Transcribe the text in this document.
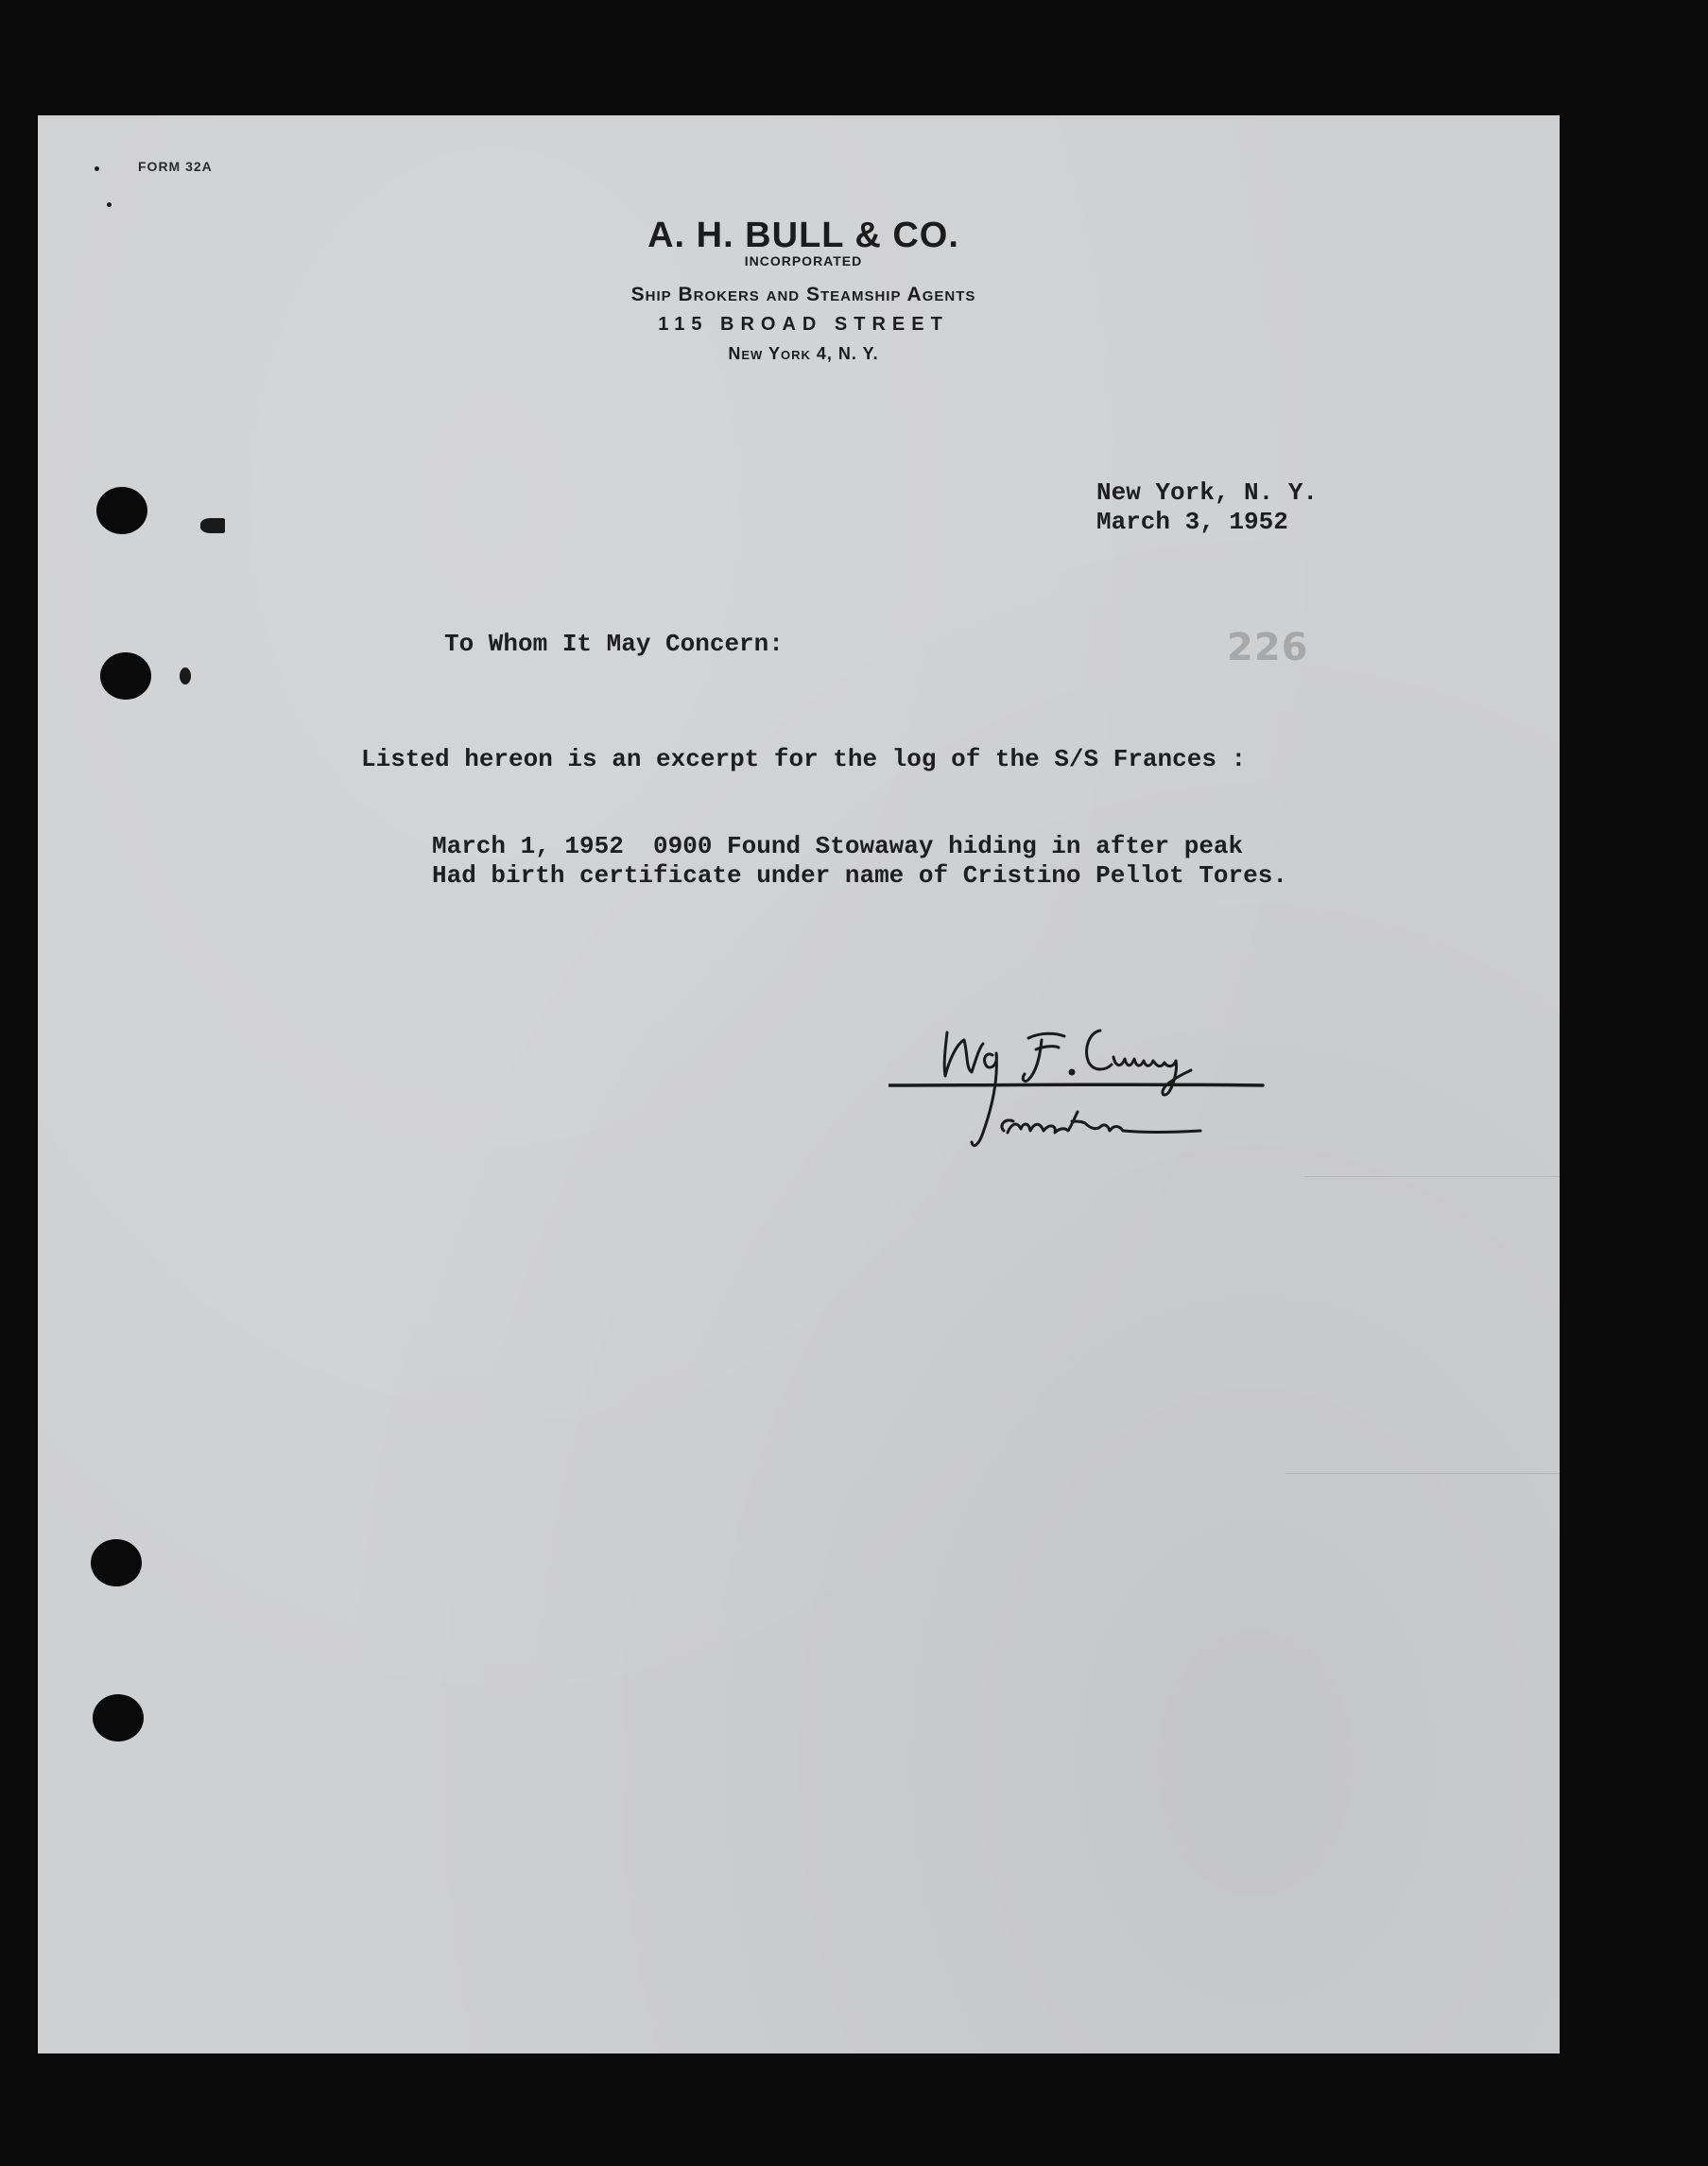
FORM 32A
A. H. BULL & CO.
INCORPORATED
Ship Brokers and Steamship Agents
115 BROAD STREET
New York 4, N. Y.
New York, N. Y.
March 3, 1952
226
To Whom It May Concern:
Listed hereon is an excerpt for the log of the S/S Frances :
March 1, 1952  0900 Found Stowaway hiding in after peak
Had birth certificate under name of Cristino Pellot Tores.
